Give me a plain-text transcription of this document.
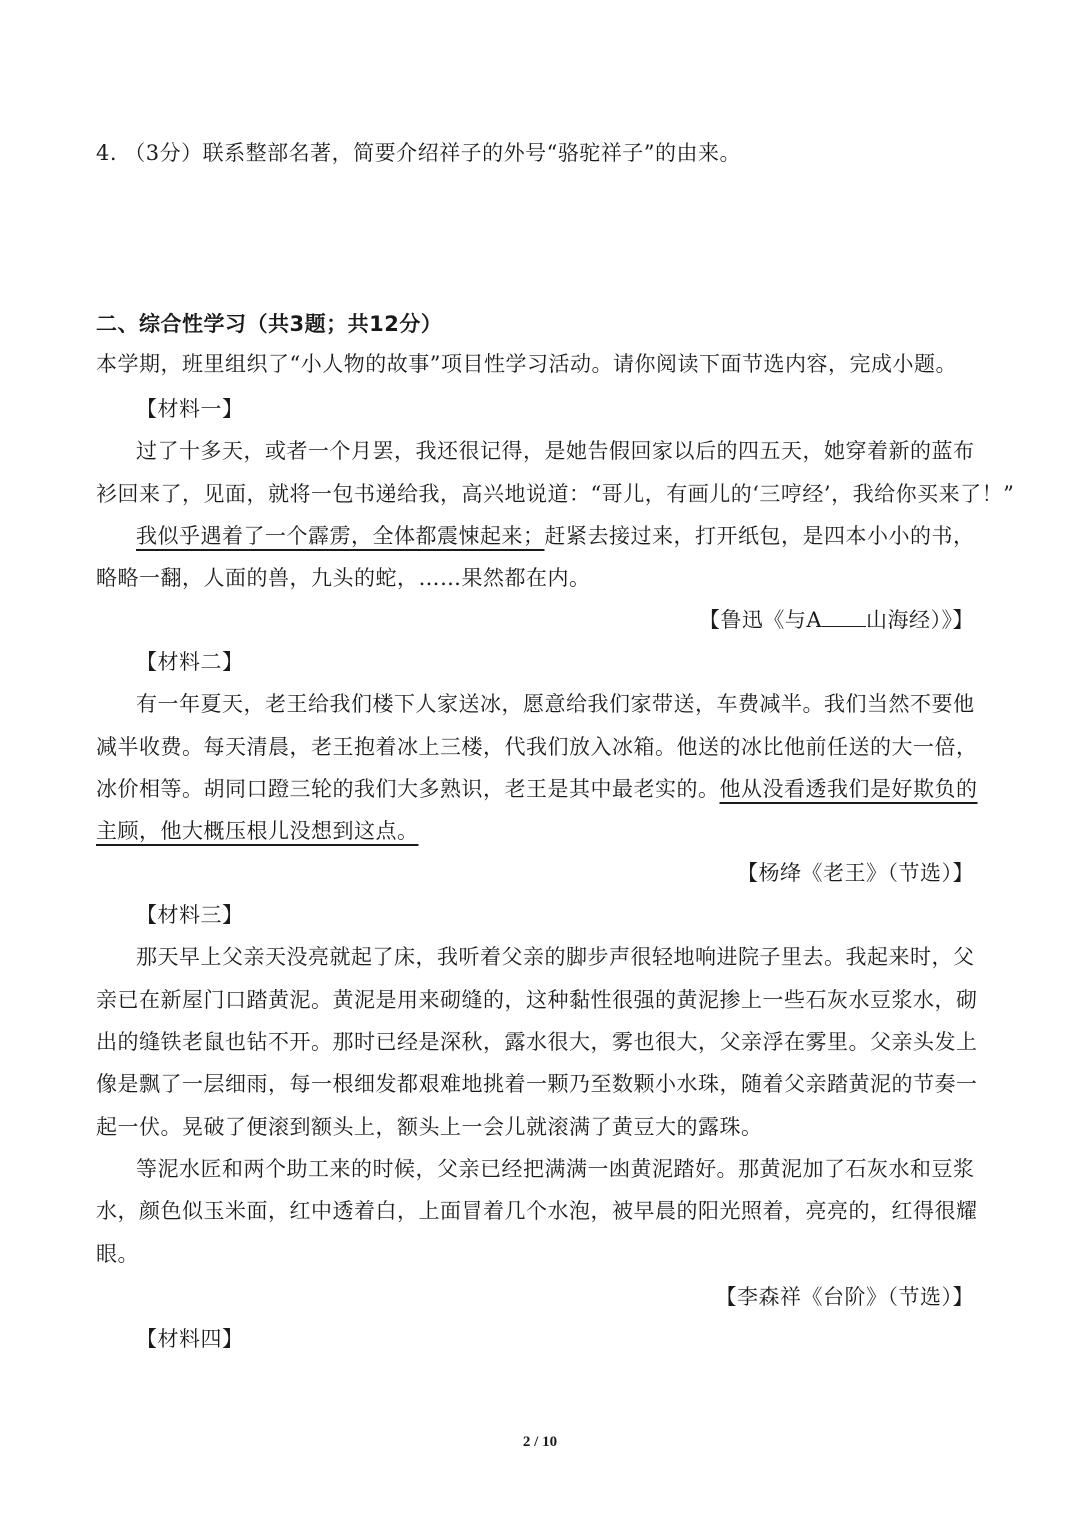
4. （3分）联系整部名著，简要介绍祥子的外号“骆驼祥子”的由来。
二、综合性学习（共3题；共12分）
本学期，班里组织了“小人物的故事”项目性学习活动。请你阅读下面节选内容，完成小题。
【材料一】
过了十多天，或者一个月罢，我还很记得，是她告假回家以后的四五天，她穿着新的蓝布
衫回来了，见面，就将一包书递给我，高兴地说道：“哥儿，有画儿的‘三哼经’，我给你买来了！”
我似乎遇着了一个霹雳，全体都震悚起来；赶紧去接过来，打开纸包，是四本小小的书，
略略一翻，人面的兽，九头的蛇，……果然都在内。
【鲁迅《与A 山海经）》】
【材料二】
有一年夏天，老王给我们楼下人家送冰，愿意给我们家带送，车费减半。我们当然不要他
减半收费。每天清晨，老王抱着冰上三楼，代我们放入冰箱。他送的冰比他前任送的大一倍，
冰价相等。胡同口蹬三轮的我们大多熟识，老王是其中最老实的。他从没看透我们是好欺负的
主顾，他大概压根儿没想到这点。
【杨绛《老王》（节选）】
【材料三】
那天早上父亲天没亮就起了床，我听着父亲的脚步声很轻地响进院子里去。我起来时，父
亲已在新屋门口踏黄泥。黄泥是用来砌缝的，这种黏性很强的黄泥掺上一些石灰水豆浆水，砌
出的缝铁老鼠也钻不开。那时已经是深秋，露水很大，雾也很大，父亲浮在雾里。父亲头发上
像是飘了一层细雨，每一根细发都艰难地挑着一颗乃至数颗小水珠，随着父亲踏黄泥的节奏一
起一伏。晃破了便滚到额头上，额头上一会儿就滚满了黄豆大的露珠。
等泥水匠和两个助工来的时候，父亲已经把满满一凼黄泥踏好。那黄泥加了石灰水和豆浆
水，颜色似玉米面，红中透着白，上面冒着几个水泡，被早晨的阳光照着，亮亮的，红得很耀
眼。
【李森祥《台阶》（节选）】
【材料四】
2 / 10
